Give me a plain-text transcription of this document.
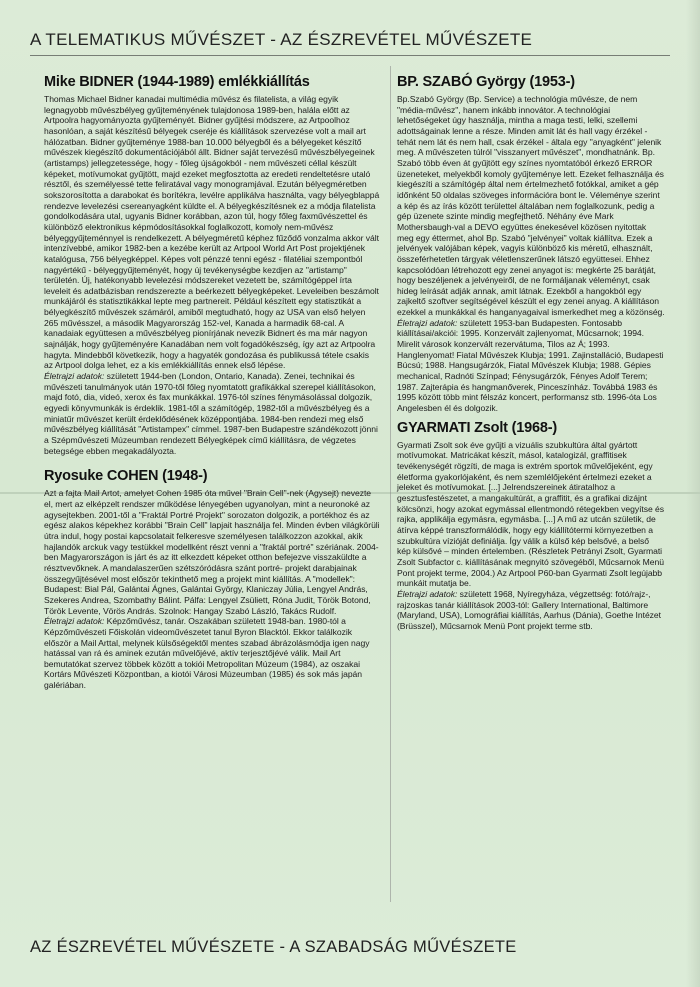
A TELEMATIKUS MŰVÉSZET - AZ ÉSZREVÉTEL MŰVÉSZETE
Mike BIDNER (1944-1989) emlékkiállítás

Thomas Michael Bidner kanadai multimédia művész és filatelista, a világ egyik legnagyobb művészbélyeg gyűjteményének tulajdonosa 1989-ben, halála előtt az Artpoolra hagyományozta gyűjteményét. Bidner gyűjtési módszere, az Artpoolhoz hasonlóan, a saját készítésű bélyegek cseréje és kiállítások szervezése volt a mail art hálózatban. Bidner gyűjteménye 1988-ban 10.000 bélyegből és a bélyegeket készítő művészek kiegészítő dokumentációjából állt. Bidner saját tervezésű művészbélyegeinek (artistamps) jellegzetessége, hogy - főleg újságokból - nem művészeti céllal készült képeket, motívumokat gyűjtött, majd ezeket megfosztotta az eredeti rendeltetésre utaló résztől, és személyessé tette feliratával vagy monogramjával. Ezután bélyegméretben sokszorosította a darabokat és borítékra, levélre applikálva használta, vagy bélyegblappá rendezve levelezési csereanyagként küldte el. A bélyegkészítésnek ez a módja filatelista gondolkodására utal, ugyanis Bidner korábban, azon túl, hogy főleg faxművészettel és különböző elektronikus képmódosításokkal foglalkozott, komoly nem-művész bélyeggyűjteménnyel is rendelkezett. A bélyegméretű képhez fűződő vonzalma akkor vált intenzívebbé, amikor 1982-ben a kezébe került az Artpool World Art Post projektjének katalógusa, 756 bélyegképpel. Képes volt pénzzé tenni egész - filatéliai szempontból nagyértékű - bélyeggyűjteményét, hogy új tevékenységbe kezdjen az "artistamp" területén. Új, hatékonyabb levelezési módszereket vezetett be, számítógéppel írta leveleit és adatbázisban rendszerezte a beérkezett bélyegképeket. Leveleiben beszámolt munkájáról és statisztikákkal lepte meg partnereit. Például készített egy statisztikát a bélyegkészítő művészek számáról, amiből megtudható, hogy az USA van első helyen 265 művésszel, a második Magyarország 152-vel, Kanada a harmadik 68-cal. A kanadaiak együttesen a művészbélyeg pionírjának nevezik Bidnert és ma már nagyon sajnálják, hogy gyűjteményére Kanadában nem volt fogadókészség, így azt az Artpoolra hagyta. Mindebből következik, hogy a hagyaték gondozása és publikussá tétele csakis az Artpool dolga lehet, ez a kis emlékkiállítás ennek első lépése.

Életrajzi adatok: született 1944-ben (London, Ontario, Kanada). Zenei, technikai és művészeti tanulmányok után 1970-től főleg nyomtatott grafikákkal szerepel kiállításokon, majd fotó, dia, videó, xerox és fax munkákkal. 1976-tól színes fénymásolással dolgozik, egyedi könyvmunkák is érdeklik. 1981-től a számítógép, 1982-től a művészbélyeg és a miniatűr művészet került érdeklődésének középpontjába. 1984-ben rendezi meg első művészbélyeg kiállítását "Artistampex" címmel. 1987-ben Budapestre szándékozott jönni a Szépművészeti Múzeumban rendezett Bélyegképek című kiállításra, de végzetes betegsége ebben megakadályozta.

Ryosuke COHEN (1948-)

Azt a fajta Mail Artot, amelyet Cohen 1985 óta művel "Brain Cell"-nek (Agysejt) nevezte el, mert az elképzelt rendszer működése lényegében ugyanolyan, mint a neuronoké az agysejtekben. 2001-től a "Fraktál Portré Projekt" sorozaton dolgozik, a portékhoz és az egész alakos képekhez korábbi "Brain Cell" lapjait használja fel. Minden évben világkörüli útra indul, hogy postai kapcsolatait felkeresve személyesen találkozzon azokkal, akik hajlandók arckuk vagy testükkel modellként részt venni a "fraktál portré" szériának. 2004-ben Magyarországon is járt és az itt elkezdett képeket otthon befejezve visszaküldte a résztvevőknek. A mandalaszerűen szétszóródásra szánt portré- projekt darabjainak összegyűjtésével most először tekinthető meg a projekt mint kiállítás. A "modellek": Budapest: Bial Pál, Galántai Ágnes, Galántai György, Klaniczay Júlia, Lengyel András, Szekeres Andrea, Szombathy Bálint. Pálfa: Lengyel Zsüliett, Róna Judit, Török Botond, Török Levente, Vörös András. Szolnok: Hangay Szabó László, Takács Rudolf.

Életrajzi adatok: Képzőművész, tanár. Oszakában született 1948-ban. 1980-tól a Képzőművészeti Főiskolán videoművészetet tanul Byron Blacktól. Ekkor találkozik először a Mail Arttal, melynek külsőségektől mentes szabad ábrázolásmódja igen nagy hatással van rá és aminek ezután művelőjévé, aktív terjesztőjévé válik. Mail Art bemutatókat szervez többek között a tokiói Metropolitan Múzeum (1984), az oszakai Kortárs Művészeti Központban, a kiotói Városi Múzeumban (1985) és sok más japán galériában.

BP. SZABÓ György (1953-)

Bp.Szabó György (Bp. Service) a technológia művésze, de nem "média-művész", hanem inkább innovátor. A technológiai lehetőségeket úgy használja, mintha a maga testi, lelki, szellemi adottságainak lenne a része. Minden amit lát és hall vagy érzékel - tehát nem lát és nem hall, csak érzékel - általa egy "anyagként" jelenik meg. A művészeten túlról "visszanyert művészet", mondhatnánk. Bp. Szabó több éven át gyűjtött egy színes nyomtatóból érkező ERROR üzeneteket, melyekből komoly gyűjteménye lett. Ezeket felhasználja és kiegészíti a számítógép által nem értelmezhető fotókkal, amiket a gép időnként 50 oldalas szöveges információra bont le. Véleménye szerint a kép és az írás között területtel általában nem foglalkozunk, pedig a gép üzenete szinte mindig megfejthető. Néhány éve Mark Mothersbaugh-val a DEVO együttes énekesével közösen nyitottak meg egy éttermet, ahol Bp. Szabó "jelvényei" voltak kiállítva. Ezek a jelvények valójában képek, vagyis különböző kis méretű, elhasznált, összeférhetetlen tárgyak véletlenszerűnek látszó együttesei. Ehhez kapcsolódóan létrehozott egy zenei anyagot is: megkérte 25 barátját, hogy beszéljenek a jelvényeiről, de ne formáljanak véleményt, csak hideg leírását adják annak, amit látnak. Ezekből a hangokból egy zajkeltő szoftver segítségével készült el egy zenei anyag. A kiállításon ezekkel a munkákkal és hanganyagaival ismerkedhet meg a közönség.

Életrajzi adatok: született 1953-ban Budapesten. Fontosabb kiállításai/akciói: 1995. Konzervált zajlenyomat, Műcsarnok; 1994. Mirelit városok konzervált rezervátuma, Tilos az Á; 1993. Hanglenyomat! Fiatal Művészek Klubja; 1991. Zajinstalláció, Budapesti Búcsú; 1988. Hangsugárzók, Fiatal Művészek Klubja; 1988. Gépies mechanical, Radnóti Színpad; Fénysugárzók, Fényes Adolf Terem; 1987. Zajterápia és hangmanőverek, Pinceszínház. Továbbá 1983 és 1995 között több mint félszáz koncert, performansz stb. 1996-óta Los Angelesben él és dolgozik.

GYARMATI Zsolt (1968-)

Gyarmati Zsolt sok éve gyűjti a vizuális szubkultúra által gyártott motívumokat. Matricákat készít, másol, katalogizál, graffitisek tevékenységét rögzíti, de maga is extrém sportok művelőjeként, egy életforma gyakorlójaként, és nem szemlélőjeként értelmezi ezeket a jeleket és motívumokat. [...] Jelrendszereinek átiratalhoz a gesztusfestészetet, a mangakultúrát, a graffitit, és a grafikai dizájnt kölcsönzi, hogy azokat egymással ellentmondó rétegekben vegyítse és rajka, applikálja egymásra, egymásba. [...] A mű az utcán születik, de átírva képpé transzformálódik, hogy egy kiállítótermi környezetben a szubkultúra vízióját definiálja. Így válik a külső kép belsővé, a belső kép külsővé – minden értelemben. (Részletek Petrányi Zsolt, Gyarmati Zsolt Subfactor c. kiállításának megnyitó szövegéből, Műcsarnok Menü Pont projekt terme, 2004.) Az Artpool P60-ban Gyarmati Zsolt legújabb munkáit mutatja be.

Életrajzi adatok: született 1968, Nyíregyháza, végzettség: fotó/rajz-, rajzoskas tanár kiállítások 2003-tól: Gallery International, Baltimore (Maryland, USA), Lomográfiai kiállítás, Aarhus (Dánia), Goethe Intézet (Brüsszel), Műcsarnok Menü Pont projekt terme stb.

AZ ÉSZREVÉTEL MŰVÉSZETE - A SZABADSÁG MŰVÉSZETE
